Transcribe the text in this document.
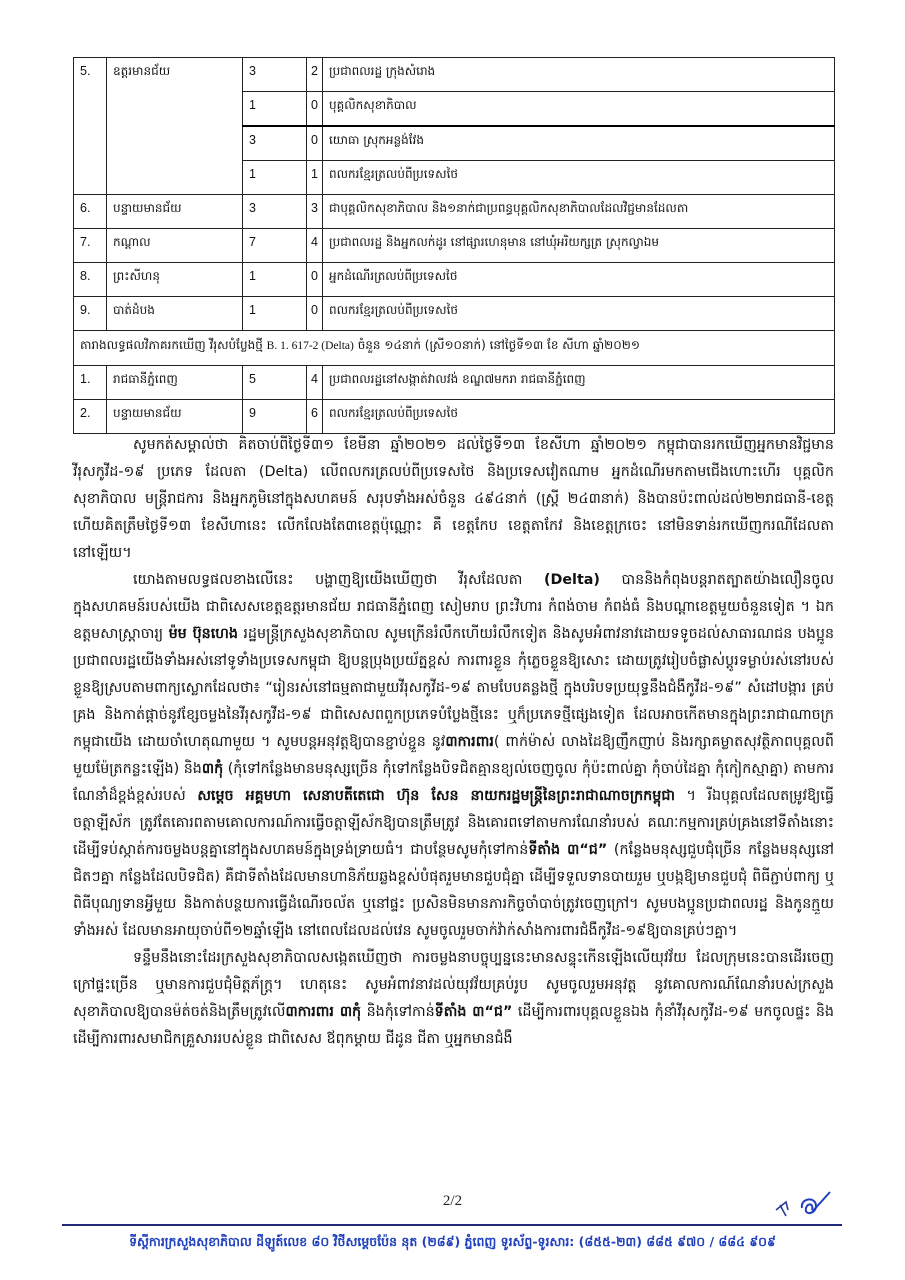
5.	ឧត្តរមានជ័យ	3	2	ប្រជាពលរដ្ឋ ក្រុងសំរោង
		1	0	បុគ្គលិកសុខាភិបាល
		3	0	យោធា ស្រុកអន្លង់វែង
		1	1	ពលករខ្មែរត្រលប់ពីប្រទេសថៃ
6.	បន្ទាយមានជ័យ	3	3	ជាបុគ្គលិកសុខាភិបាល និង១នាក់ជាប្រពន្ធបុគ្គលិកសុខាភិបាលដែលវិជ្ជមានដែលតា
7.	កណ្តាល	7	4	ប្រជាពលរដ្ឋ និងអ្នកលក់ដូរ នៅផ្សារហេនុមាន នៅឃុំអរិយក្សត្រ ស្រុកល្វាឯម
8.	ព្រះសីហនុ	1	0	អ្នកដំណើរត្រលប់ពីប្រទេសថៃ
9.	បាត់ដំបង	1	0	ពលករខ្មែរត្រលប់ពីប្រទេសថៃ
តារាងលទ្ធផលវិភាគរកឃើញ វីរុសបំប្លែងថ្មី B. 1. 617-2 (Delta) ចំនួន ១៤នាក់ (ស្រី១០នាក់) នៅថ្ងៃទី១៣ ខែ សីហា ឆ្នាំ២០២១				
1.	រាជធានីភ្នំពេញ	5	4	ប្រជាពលរដ្ឋនៅសង្កាត់វាលវង់ ខណ្ឌ៧មករា រាជធានីភ្នំពេញ
2.	បន្ទាយមានជ័យ	9	6	ពលករខ្មែរត្រលប់ពីប្រទេសថៃ

សូមកត់សម្គាល់ថា គិតចាប់ពីថ្ងៃទី៣១ ខែមីនា ឆ្នាំ២០២១ ដល់ថ្ងៃទី១៣ ខែសីហា ឆ្នាំ២០២១ កម្ពុជាបានរកឃើញអ្នកមានវិជ្ជមានវីរុសកូវីដ-១៩ ប្រភេទ ដែលតា (Delta) លើពលករត្រលប់ពីប្រទេសថៃ និងប្រទេសវៀតណាម អ្នកដំណើរមកតាមជើងហោះហើរ បុគ្គលិកសុខាភិបាល មន្ត្រីរាជការ និងអ្នកភូមិនៅក្នុងសហគមន៍ សរុបទាំងអស់ចំនួន ៤៩៤នាក់ (ស្ត្រី ២៤៣នាក់) និងបានប៉ះពាល់ដល់២២រាជធានី-ខេត្តហើយគិតត្រឹមថ្ងៃទី១៣ ខែសីហានេះ លើកលែងតែ៣ខេត្តប៉ុណ្ណោះ គឺ ខេត្តកែប ខេត្តតាកែវ និងខេត្តក្រចេះ នៅមិនទាន់រកឃើញករណីដែលតានៅឡើយ។

យោងតាមលទ្ធផលខាងលើនេះ បង្ហាញឱ្យយើងឃើញថា វីរុសដែលតា (Delta) បាននិងកំពុងបន្តរាតត្បាតយ៉ាងលឿនចូលក្នុងសហគមន៍របស់យើង ជាពិសេសខេត្តឧត្តរមានជ័យ រាជធានីភ្នំពេញ សៀមរាប ព្រះវិហារ កំពង់ចាម កំពង់ធំ និងបណ្តាខេត្តមួយចំនួនទៀត ។ ឯកឧត្តមសាស្ត្រាចារ្យ ម៉ម ប៊ុនហេង រដ្ឋមន្ត្រីក្រសួងសុខាភិបាល សូមក្រើនរំលឹកហើយរំលឹកទៀត និងសូមអំពាវនាវដោយទទូចដល់សាធារណជន បងប្អូនប្រជាពលរដ្ឋយើងទាំងអស់នៅទូទាំងប្រទេសកម្ពុជា ឱ្យបន្តប្រុងប្រយ័ត្នខ្ពស់ ការពារខ្លួន កុំភ្លេចខ្លួនឱ្យសោះ ដោយត្រូវរៀបចំផ្លាស់ប្តូរទម្លាប់រស់នៅរបស់ខ្លួនឱ្យស្របតាមពាក្យស្លោកដែលថា៖ “រៀនរស់នៅធម្មតាជាមួយវីរុសកូវីដ-១៩ តាមបែបគន្លងថ្មី ក្នុងបរិបទប្រយុទ្ធនឹងជំងឺកូវីដ-១៩” សំដៅបង្ការ គ្រប់គ្រង និងកាត់ផ្តាច់នូវខ្សែចម្លងនៃវីរុសកូវីដ-១៩ ជាពិសេសពពួកប្រភេទបំប្លែងថ្មីនេះ ឬក៏ប្រភេទថ្មីផ្សេងទៀត ដែលអាចកើតមានក្នុងព្រះរាជាណាចក្រកម្ពុជាយើង ដោយចាំហេតុណាមួយ ។ សូមបន្តអនុវត្តឱ្យបានខ្ជាប់ខ្ជួន នូវ៣ការពារ( ពាក់ម៉ាស់ លាងដៃឱ្យញឹកញាប់ និងរក្សាគម្លាតសុវត្ថិភាពបុគ្គលពីមួយម៉ែត្រកន្លះឡើង) និង៣កុំ (កុំទៅកន្លែងមានមនុស្សច្រើន កុំទៅកន្លែងបិទជិតគ្មានខ្យល់ចេញចូល កុំប៉ះពាល់គ្នា កុំចាប់ដៃគ្នា កុំកៀកស្មាគ្នា) តាមការណែនាំដ៏ខ្ពង់ខ្ពស់របស់ សម្តេច អគ្គមហា សេនាបតីតេជោ ហ៊ុន សែន នាយករដ្ឋមន្ត្រីនៃព្រះរាជាណាចក្រកម្ពុជា ។ រីឯបុគ្គលដែលតម្រូវឱ្យធ្វើ ចត្តាឡីស័ក ត្រូវតែគោរពតាមគោលការណ៍ការធ្វើចត្តាឡីស័កឱ្យបានត្រឹមត្រូវ និងគោរពទៅតាមការណែនាំរបស់ គណៈកម្មការគ្រប់គ្រងនៅទីតាំងនោះ ដើម្បីទប់ស្កាត់ការចម្លងបន្តគ្នានៅក្នុងសហគមន៍ក្នុងទ្រង់ទ្រាយធំ។ ជាបន្ថែមសូមកុំទៅកាន់ទីតាំង ៣“ជ” (កន្លែងមនុស្សជួបជុំច្រើន កន្លែងមនុស្សនៅជិតៗគ្នា កន្លែងដែលបិទជិត) គឺជាទីតាំងដែលមានហានិភ័យឆ្លងខ្ពស់បំផុតរួមមានជួបជុំគ្នា ដើម្បីទទួលទានបាយរួម ឬបង្កឱ្យមានជួបជុំ ពិធីភ្ជាប់ពាក្យ ឬពិធីបុណ្យទានអ្វីមួយ និងកាត់បន្ថយការធ្វើដំណើរចល័ត ឬនៅផ្ទះ ប្រសិនមិនមានភារកិច្ចចាំបាច់ត្រូវចេញក្រៅ។ សូមបងប្អូនប្រជាពលរដ្ឋ និងកូនក្មួយទាំងអស់ ដែលមានអាយុចាប់ពី១២ឆ្នាំឡើង នៅពេលដែលដល់វេន សូមចូលរួមចាក់វ៉ាក់សាំងការពារជំងឺកូវីដ-១៩ឱ្យបានគ្រប់ៗគ្នា។

ទន្ទឹមនឹងនោះដែរក្រសួងសុខាភិបាលសង្កេតឃើញថា ការចម្លងនាបច្ចុប្បន្ននេះមានសន្ទុះកើនឡើងលើយុវវ័យ ដែលក្រុមនេះបានដើរចេញក្រៅផ្ទះច្រើន ឬមានការជួបជុំមិត្តភ័ក្ត្រ។ ហេតុនេះ សូមអំពាវនាវដល់យុវវ័យគ្រប់រូប សូមចូលរួមអនុវត្ត នូវគោលការណ៍ណែនាំរបស់ក្រសួងសុខាភិបាលឱ្យបានម៉ត់ចត់និងត្រឹមត្រូវលើ៣ការពារ ៣កុំ និងកុំទៅកាន់ទីតាំង ៣“ជ” ដើម្បីការពារបុគ្គលខ្លួនឯង កុំនាំវីរុសកូវីដ-១៩ មកចូលផ្ទះ និងដើម្បីការពារសមាជិកគ្រួសាររបស់ខ្លួន ជាពិសេស ឪពុកម្តាយ ជីដូន ជីតា ឬអ្នកមានជំងឺ

2/2
ទីស្តីការក្រសួងសុខាភិបាល ដីឡូត៍លេខ ៨០ វិថីសម្តេចប៉ែន នុត (២៨៩) ភ្នំពេញ ទូរស័ព្ទ-ទូរសារ: (៨៥៥-២៣) ៨៨៥ ៩៧០ / ៨៨៤ ៩០៩
